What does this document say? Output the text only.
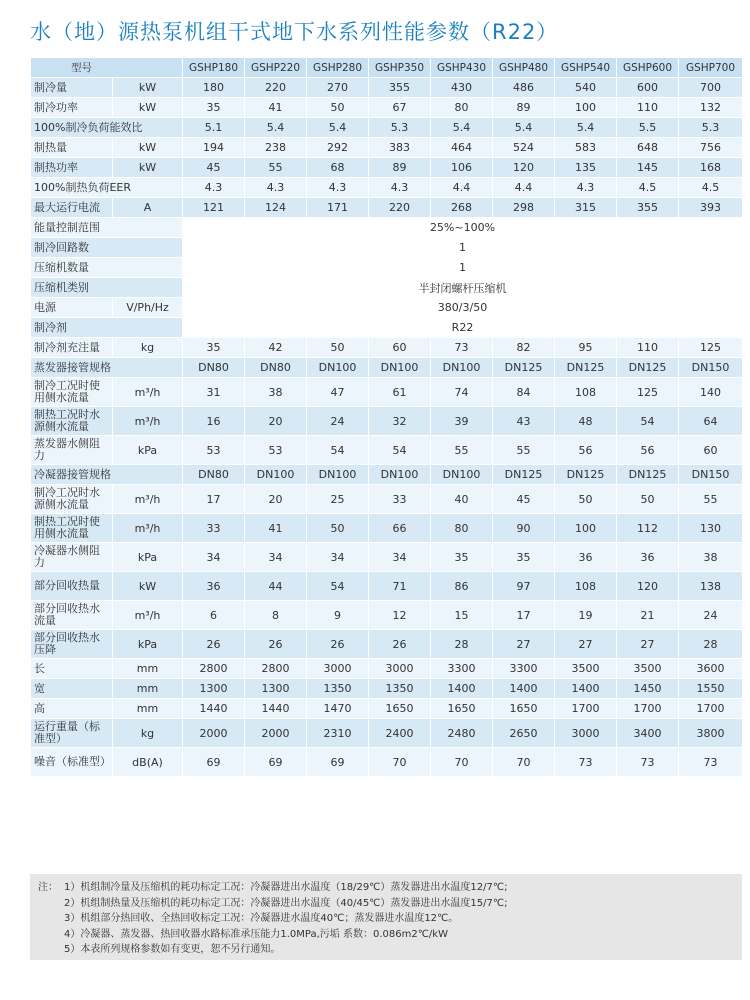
水（地）源热泵机组干式地下水系列性能参数（R22）
型号		GSHP180	GSHP220	GSHP280	GSHP350	GSHP430	GSHP480	GSHP540	GSHP600	GSHP700
制冷量	kW	180	220	270	355	430	486	540	600	700
制冷功率	kW	35	41	50	67	80	89	100	110	132
100%制冷负荷能效比		5.1	5.4	5.4	5.3	5.4	5.4	5.4	5.5	5.3
制热量	kW	194	238	292	383	464	524	583	648	756
制热功率	kW	45	55	68	89	106	120	135	145	168
100%制热负荷EER		4.3	4.3	4.3	4.3	4.4	4.4	4.3	4.5	4.5
最大运行电流	A	121	124	171	220	268	298	315	355	393
能量控制范围		25%~100%								
制冷回路数		1								
压缩机数量		1								
压缩机类别		半封闭螺杆压缩机								
电源	V/Ph/Hz	380/3/50								
制冷剂		R22								
制冷剂充注量	kg	35	42	50	60	73	82	95	110	125
蒸发器接管规格		DN80	DN80	DN100	DN100	DN100	DN125	DN125	DN125	DN150
制冷工况时使用侧水流量	m³/h	31	38	47	61	74	84	108	125	140
制热工况时水源侧水流量	m³/h	16	20	24	32	39	43	48	54	64
蒸发器水侧阻力	kPa	53	53	54	54	55	55	56	56	60
冷凝器接管规格		DN80	DN100	DN100	DN100	DN100	DN125	DN125	DN125	DN150
制冷工况时水源侧水流量	m³/h	17	20	25	33	40	45	50	50	55
制热工况时使用侧水流量	m³/h	33	41	50	66	80	90	100	112	130
冷凝器水侧阻力	kPa	34	34	34	34	35	35	36	36	38
部分回收热量	kW	36	44	54	71	86	97	108	120	138
部分回收热水流量	m³/h	6	8	9	12	15	17	19	21	24
部分回收热水压降	kPa	26	26	26	26	28	27	27	27	28
长	mm	2800	2800	3000	3000	3300	3300	3500	3500	3600
宽	mm	1300	1300	1350	1350	1400	1400	1400	1450	1550
高	mm	1440	1440	1470	1650	1650	1650	1700	1700	1700
运行重量（标准型）	kg	2000	2000	2310	2400	2480	2650	3000	3400	3800
噪音（标准型）	dB(A)	69	69	69	70	70	70	73	73	73
注： 1）机组制冷量及压缩机的耗功标定工况：冷凝器进出水温度（18/29℃）蒸发器进出水温度12/7℃;
2）机组制热量及压缩机的耗功标定工况：冷凝器进出水温度（40/45℃）蒸发器进出水温度15/7℃;
3）机组部分热回收、全热回收标定工况：冷凝器进水温度40℃；蒸发器进水温度12℃。
4）冷凝器、蒸发器、热回收器水路标准承压能力1.0MPa,污垢 系数：0.086m2℃/kW
5）本表所列规格参数如有变更，恕不另行通知。
